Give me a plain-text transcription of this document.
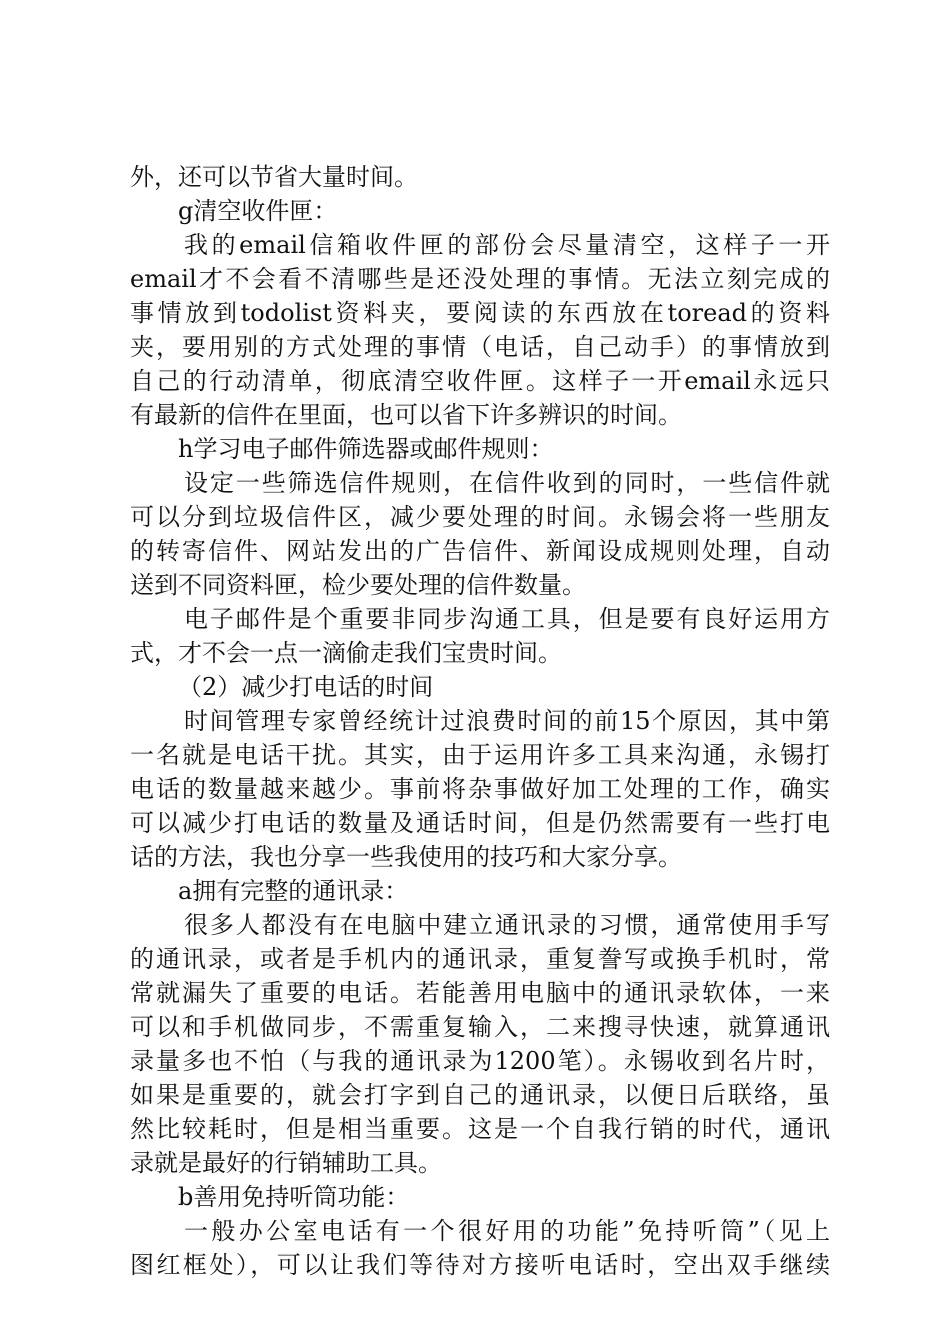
外，还可以节省大量时间。
g清空收件匣：
我的email信箱收件匣的部份会尽量清空，这样子一开
email才不会看不清哪些是还没处理的事情。无法立刻完成的
事情放到todolist资料夹，要阅读的东西放在toread的资料
夹，要用别的方式处理的事情（电话，自己动手）的事情放到
自己的行动清单，彻底清空收件匣。这样子一开email永远只
有最新的信件在里面，也可以省下许多辨识的时间。
h学习电子邮件筛选器或邮件规则：
设定一些筛选信件规则，在信件收到的同时，一些信件就
可以分到垃圾信件区，减少要处理的时间。永锡会将一些朋友
的转寄信件、网站发出的广告信件、新闻设成规则处理，自动
送到不同资料匣，检少要处理的信件数量。
电子邮件是个重要非同步沟通工具，但是要有良好运用方
式，才不会一点一滴偷走我们宝贵时间。
（2）减少打电话的时间
时间管理专家曾经统计过浪费时间的前15个原因，其中第
一名就是电话干扰。其实，由于运用许多工具来沟通，永锡打
电话的数量越来越少。事前将杂事做好加工处理的工作，确实
可以减少打电话的数量及通话时间，但是仍然需要有一些打电
话的方法，我也分享一些我使用的技巧和大家分享。
a拥有完整的通讯录：
很多人都没有在电脑中建立通讯录的习惯，通常使用手写
的通讯录，或者是手机内的通讯录，重复誊写或换手机时，常
常就漏失了重要的电话。若能善用电脑中的通讯录软体，一来
可以和手机做同步，不需重复输入，二来搜寻快速，就算通讯
录量多也不怕（与我的通讯录为1200笔）。永锡收到名片时，
如果是重要的，就会打字到自己的通讯录，以便日后联络，虽
然比较耗时，但是相当重要。这是一个自我行销的时代，通讯
录就是最好的行销辅助工具。
b善用免持听筒功能：
一般办公室电话有一个很好用的功能”免持听筒”（见上
图红框处），可以让我们等待对方接听电话时，空出双手继续
